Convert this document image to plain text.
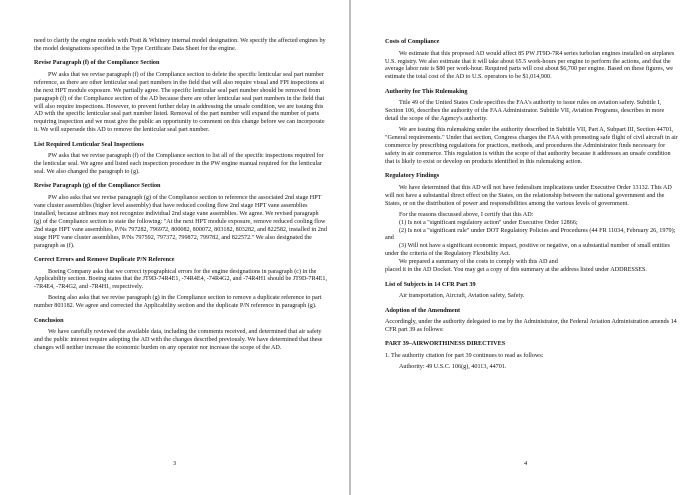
need to clarify the engine models with Pratt & Whitney internal model designation. We specify the affected engines by the model designations specified in the Type Certificate Data Sheet for the engine.

Revise Paragraph (f) of the Compliance Section

PW asks that we revise paragraph (f) of the Compliance section to delete the specific lenticular seal part number reference, as there are other lenticular seal part numbers in the field that will also require visual and FPI inspections at the next HPT module exposure. We partially agree. The specific lenticular seal part number should be removed from paragraph (f) of the Compliance section of the AD because there are other lenticular seal part numbers in the field that will also require inspections. However, to prevent further delay in addressing the unsafe condition, we are issuing this AD with the specific lenticular seal part number listed. Removal of the part number will expand the number of parts requiring inspection and we must give the public an opportunity to comment on this change before we can incorporate it. We will supersede this AD to remove the lenticular seal part number.

List Required Lenticular Seal Inspections

PW asks that we revise paragraph (f) of the Compliance section to list all of the specific inspections required for the lenticular seal. We agree and listed each inspection procedure in the PW engine manual required for the lenticular seal. We also changed the paragraph to (g).

Revise Paragraph (g) of the Compliance Section

PW also asks that we revise paragraph (g) of the Compliance section to reference the associated 2nd stage HPT vane cluster assemblies (higher level assembly) that have reduced cooling flow 2nd stage HPT vane assemblies installed, because airlines may not recognize individual 2nd stage vane assemblies. We agree. We revised paragraph (g) of the Compliance section to state the following: "At the next HPT module exposure, remove reduced cooling flow 2nd stage HPT vane assemblies, P/Ns 797282, 796972, 800082, 800072, 803182, 803282, and 822582, installed in 2nd stage HPT vane cluster assemblies, P/Ns 797592, 797372, 799872, 799782, and 822572." We also designated the paragraph as (f).

Correct Errors and Remove Duplicate P/N Reference

Boeing Company asks that we correct typographical errors for the engine designations in paragraph (c) in the Applicability section. Boeing states that the JT9D-74R4E1, -74R4E4, -74R4G2, and -74R4H1 should be JT9D-7R4E1, -7R4E4, -7R4G2, and -7R4H1, respectively.

Boeing also asks that we revise paragraph (g) in the Compliance section to remove a duplicate reference to part number 803182. We agree and corrected the Applicability section and the duplicate P/N reference in paragraph (g).

Conclusion

We have carefully reviewed the available data, including the comments received, and determined that air safety and the public interest require adopting the AD with the changes described previously. We have determined that these changes will neither increase the economic burden on any operator nor increase the scope of the AD.

3
Costs of Compliance

We estimate that this proposed AD would affect 85 PW JT9D-7R4 series turbofan engines installed on airplanes U.S. registry. We also estimate that it will take about 65.5 work-hours per engine to perform the actions, and that the average labor rate is $80 per work-hour. Required parts will cost about $6,700 per engine. Based on these figures, we estimate the total cost of the AD to U.S. operators to be $1,014,900.

Authority for This Rulemaking

Title 49 of the United States Code specifies the FAA's authority to issue rules on aviation safety. Subtitle I, Section 106, describes the authority of the FAA Administrator. Subtitle VII, Aviation Programs, describes in more detail the scope of the Agency's authority.

We are issuing this rulemaking under the authority described in Subtitle VII, Part A, Subpart III, Section 44701, "General requirements." Under that section, Congress charges the FAA with promoting safe flight of civil aircraft in air commerce by prescribing regulations for practices, methods, and procedures the Administrator finds necessary for safety in air commerce. This regulation is within the scope of that authority because it addresses an unsafe condition that is likely to exist or develop on products identified in this rulemaking action.

Regulatory Findings

We have determined that this AD will not have federalism implications under Executive Order 13132. This AD will not have a substantial direct effect on the States, on the relationship between the national government and the States, or on the distribution of power and responsibilities among the various levels of government.

For the reasons discussed above, I certify that this AD:

(1) Is not a "significant regulatory action" under Executive Order 12866;

(2) Is not a "significant rule" under DOT Regulatory Policies and Procedures (44 FR 11034, February 26, 1979); and

(3) Will not have a significant economic impact, positive or negative, on a substantial number of small entities under the criteria of the Regulatory Flexibility Act.

We prepared a summary of the costs to comply with this AD and

placed it in the AD Docket. You may get a copy of this summary at the address listed under ADDRESSES.

List of Subjects in 14 CFR Part 39

Air transportation, Aircraft, Aviation safety, Safety.

Adoption of the Amendment

Accordingly, under the authority delegated to me by the Administrator, the Federal Aviation Administration amends 14 CFR part 39 as follows:

PART 39–AIRWORTHINESS DIRECTIVES

1. The authority citation for part 39 continues to read as follows:

Authority: 49 U.S.C. 106(g), 40113, 44701.

4
